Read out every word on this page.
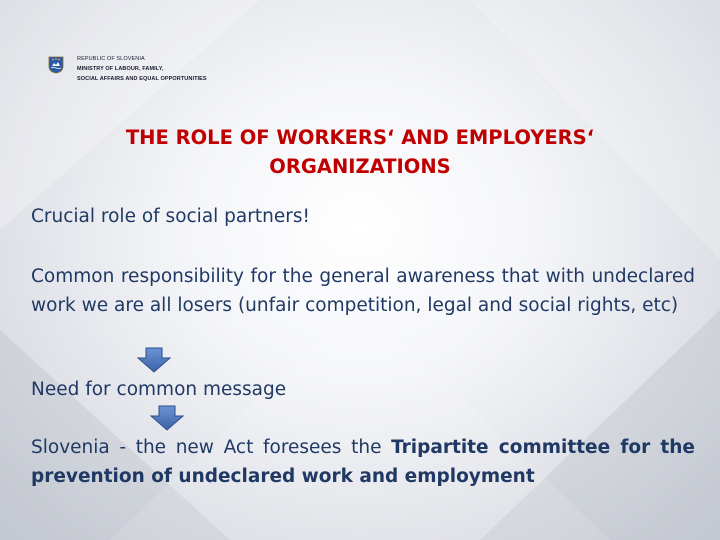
REPUBLIC OF SLOVENIA
MINISTRY OF LABOUR, FAMILY,
SOCIAL AFFAIRS AND EQUAL OPPORTUNITIES
THE ROLE OF WORKERS‘ AND EMPLOYERS‘
ORGANIZATIONS
Crucial role of social partners!
Common responsibility for the general awareness that with undeclared work we are all losers (unfair competition, legal and social rights, etc)
Need for common message
Slovenia - the new Act foresees the Tripartite committee for the prevention of undeclared work and employment
